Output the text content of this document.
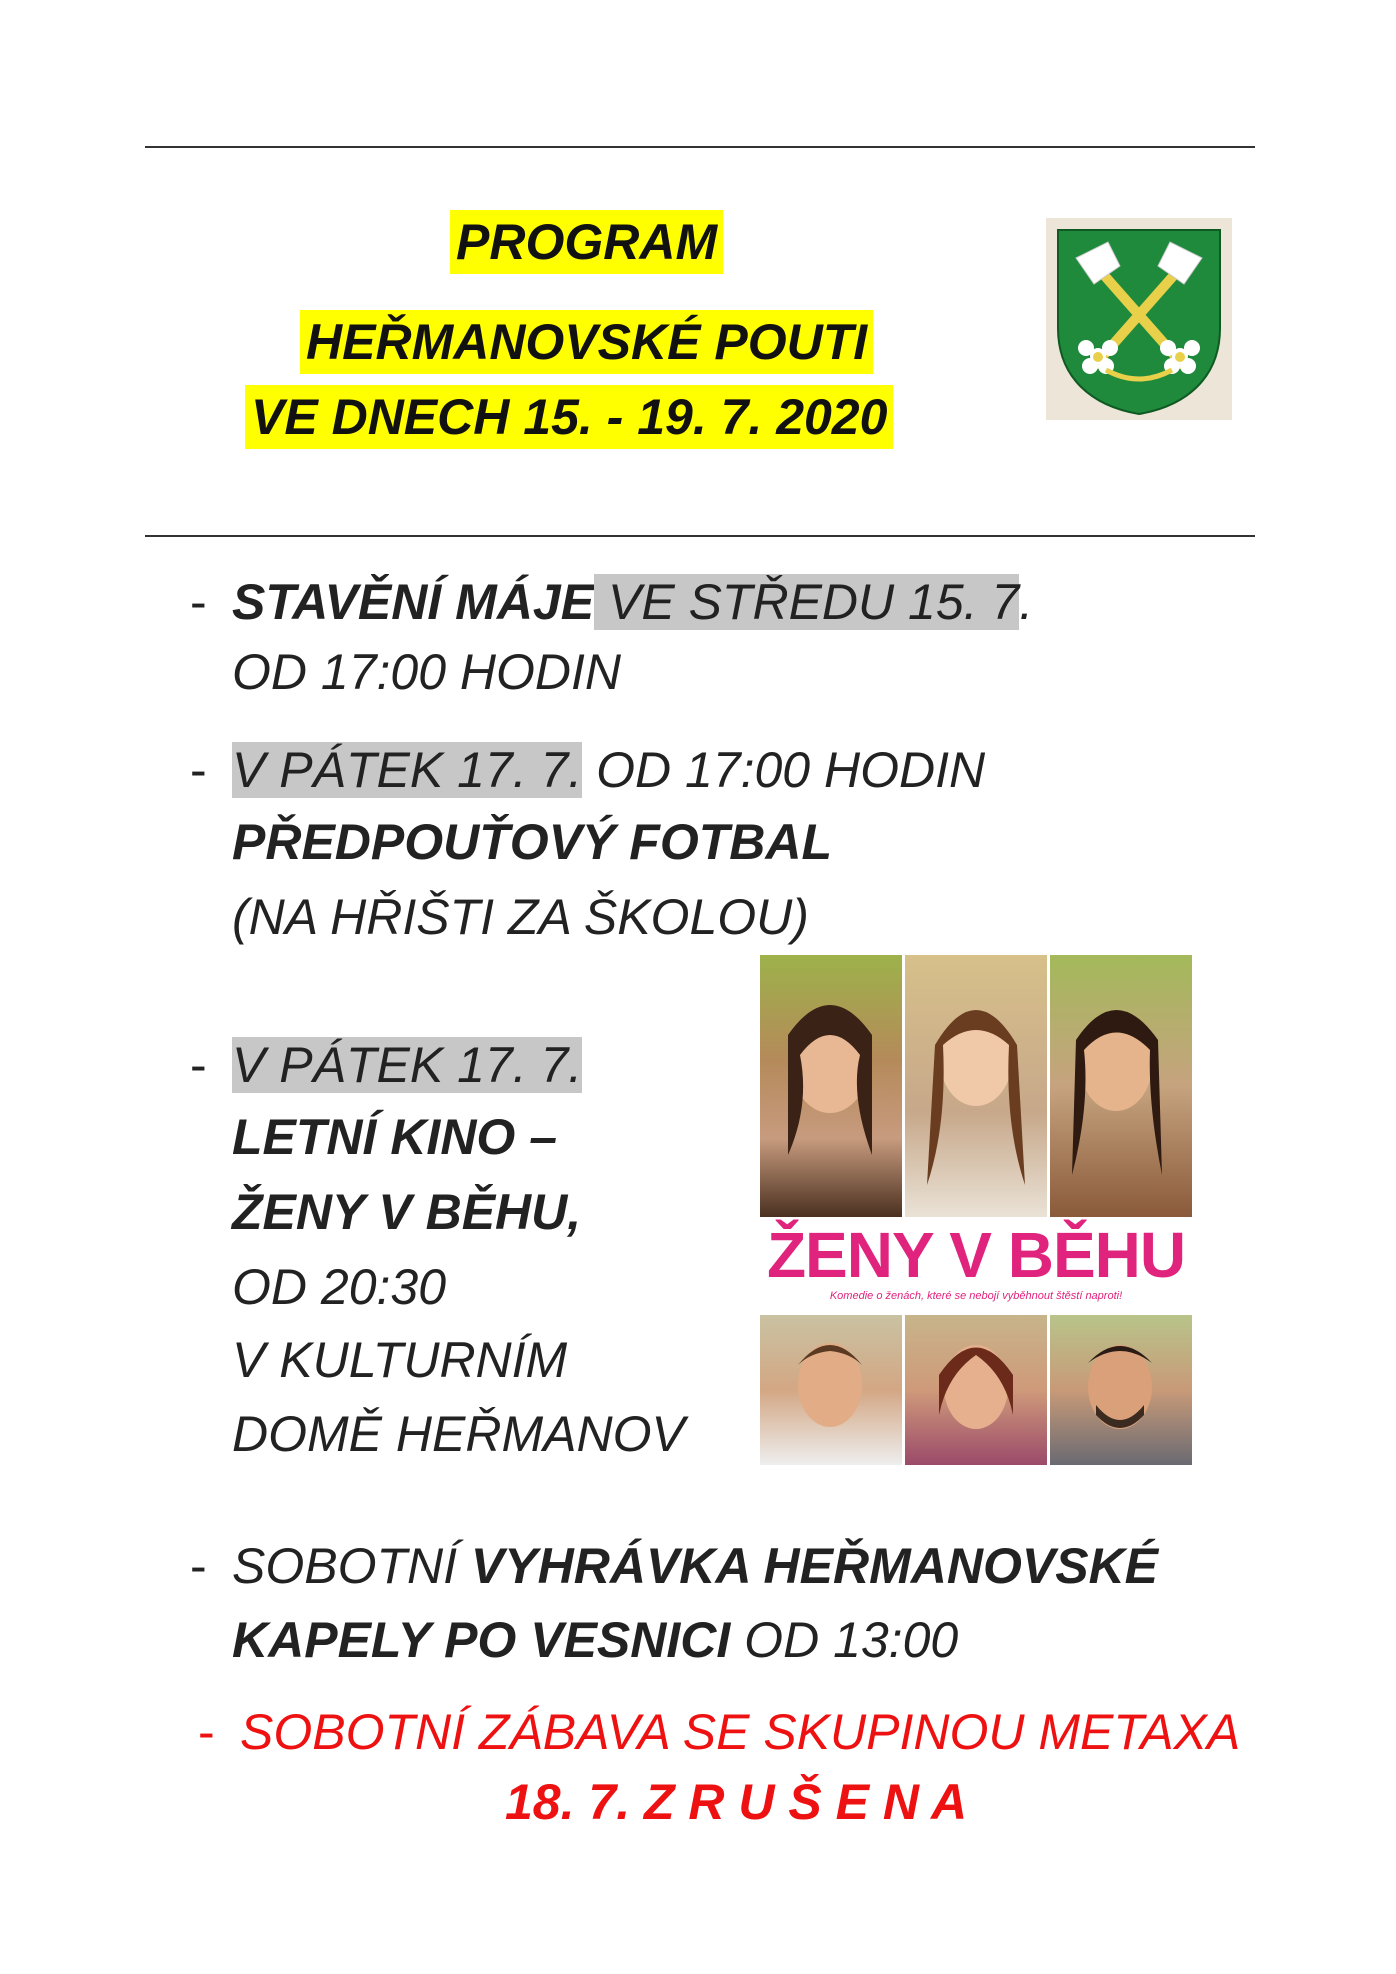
PROGRAM
HEŘMANOVSKÉ POUTI
VE DNECH 15. - 19. 7. 2020
- STAVĚNÍ MÁJE VE STŘEDU 15. 7.
OD 17:00 HODIN
- V PÁTEK 17. 7. OD 17:00 HODIN
PŘEDPOUŤOVÝ FOTBAL
(NA HŘIŠTI ZA ŠKOLOU)
- V PÁTEK 17. 7.
LETNÍ KINO –
ŽENY V BĚHU,
OD 20:30
V KULTURNÍM
DOMĚ HEŘMANOV
ŽENY V BĚHU
Komedie o ženách, které se nebojí vyběhnout štěstí naproti!
- SOBOTNÍ VYHRÁVKA HEŘMANOVSKÉ
KAPELY PO VESNICI OD 13:00
- SOBOTNÍ ZÁBAVA SE SKUPINOU METAXA
18. 7. Z R U Š E N A
